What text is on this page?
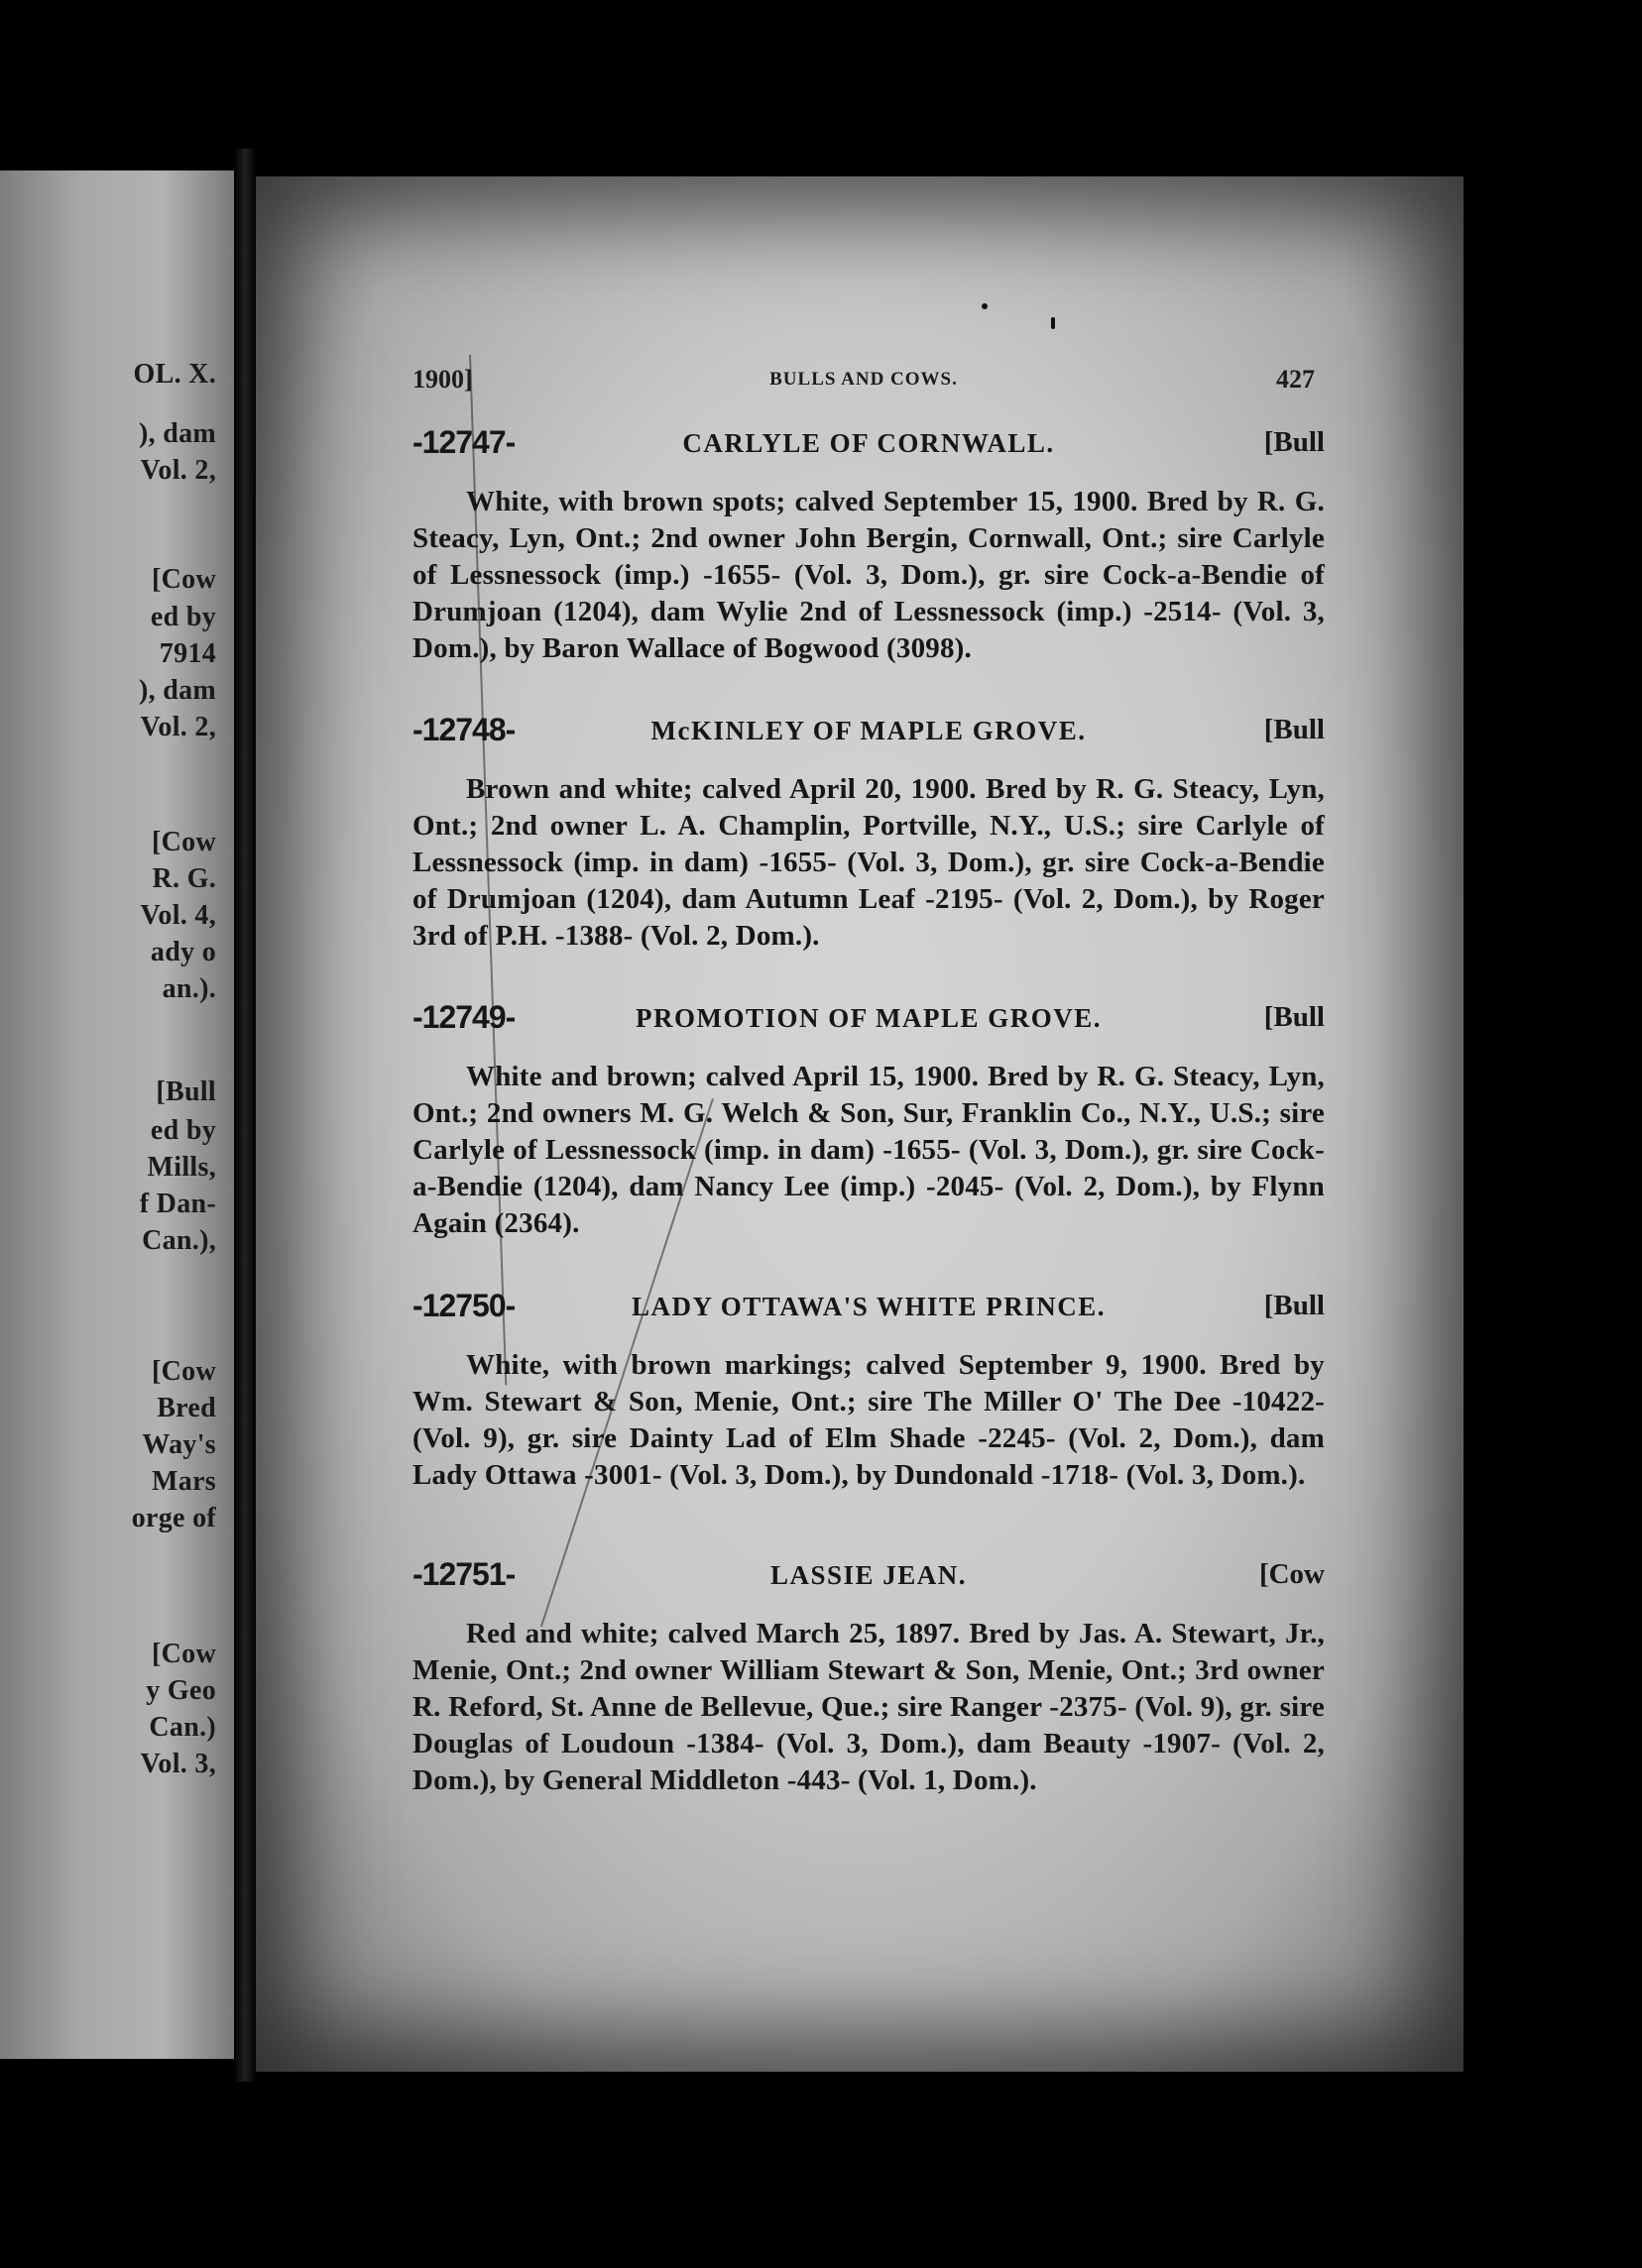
OL. X.
), dam
Vol. 2,
[Cow
ed by
7914
), dam
Vol. 2,
[Cow
R. G.
Vol. 4,
ady o
an.).
[Bull
ed by
Mills,
f Dan-
Can.),
[Cow
Bred
Way's
Mars
orge of
[Cow
y Geo
Can.)
Vol. 3,
1900]	BULLS AND COWS.	427
-12747-	CARLYLE OF CORNWALL.	[Bull
White, with brown spots; calved September 15, 1900. Bred by R. G. Steacy, Lyn, Ont.; 2nd owner John Bergin, Cornwall, Ont.; sire Carlyle of Lessnessock (imp.) -1655- (Vol. 3, Dom.), gr. sire Cock-a-Bendie of Drumjoan (1204), dam Wylie 2nd of Lessnessock (imp.) -2514- (Vol. 3, Dom.), by Baron Wallace of Bogwood (3098).
-12748-	McKINLEY OF MAPLE GROVE.	[Bull
Brown and white; calved April 20, 1900. Bred by R. G. Steacy, Lyn, Ont.; 2nd owner L. A. Champlin, Portville, N.Y., U.S.; sire Carlyle of Lessnessock (imp. in dam) -1655- (Vol. 3, Dom.), gr. sire Cock-a-Bendie of Drumjoan (1204), dam Autumn Leaf -2195- (Vol. 2, Dom.), by Roger 3rd of P.H. -1388- (Vol. 2, Dom.).
-12749-	PROMOTION OF MAPLE GROVE.	[Bull
White and brown; calved April 15, 1900. Bred by R. G. Steacy, Lyn, Ont.; 2nd owners M. G. Welch & Son, Sur, Franklin Co., N.Y., U.S.; sire Carlyle of Lessnessock (imp. in dam) -1655- (Vol. 3, Dom.), gr. sire Cock-a-Bendie (1204), dam Nancy Lee (imp.) -2045- (Vol. 2, Dom.), by Flynn Again (2364).
-12750-	LADY OTTAWA'S WHITE PRINCE.	[Bull
White, with brown markings; calved September 9, 1900. Bred by Wm. Stewart & Son, Menie, Ont.; sire The Miller O' The Dee -10422- (Vol. 9), gr. sire Dainty Lad of Elm Shade -2245- (Vol. 2, Dom.), dam Lady Ottawa -3001- (Vol. 3, Dom.), by Dundonald -1718- (Vol. 3, Dom.).
-12751-	LASSIE JEAN.	[Cow
Red and white; calved March 25, 1897. Bred by Jas. A. Stewart, Jr., Menie, Ont.; 2nd owner William Stewart & Son, Menie, Ont.; 3rd owner R. Reford, St. Anne de Bellevue, Que.; sire Ranger -2375- (Vol. 9), gr. sire Douglas of Loudoun -1384- (Vol. 3, Dom.), dam Beauty -1907- (Vol. 2, Dom.), by General Middleton -443- (Vol. 1, Dom.).
